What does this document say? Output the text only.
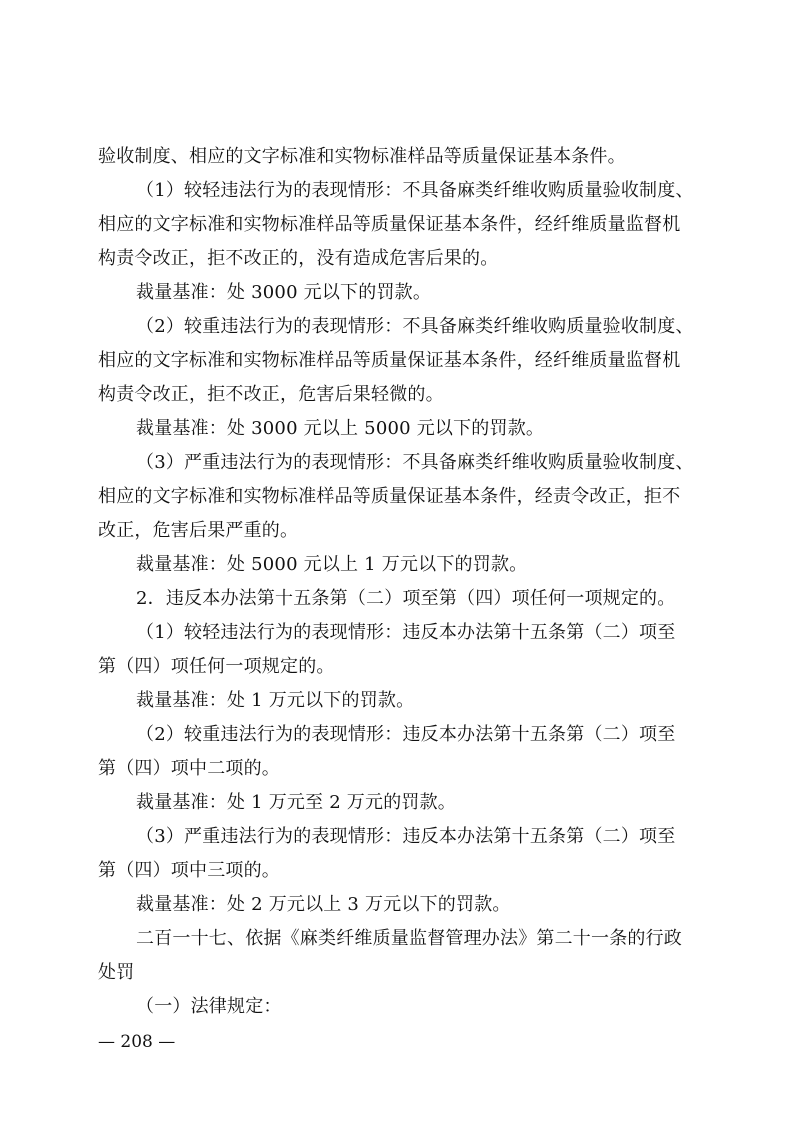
验收制度、相应的文字标准和实物标准样品等质量保证基本条件。
（1）较轻违法行为的表现情形：不具备麻类纤维收购质量验收制度、
相应的文字标准和实物标准样品等质量保证基本条件，经纤维质量监督机
构责令改正，拒不改正的，没有造成危害后果的。
裁量基准：处 3000 元以下的罚款。
（2）较重违法行为的表现情形：不具备麻类纤维收购质量验收制度、
相应的文字标准和实物标准样品等质量保证基本条件，经纤维质量监督机
构责令改正，拒不改正，危害后果轻微的。
裁量基准：处 3000 元以上 5000 元以下的罚款。
（3）严重违法行为的表现情形：不具备麻类纤维收购质量验收制度、
相应的文字标准和实物标准样品等质量保证基本条件，经责令改正，拒不
改正，危害后果严重的。
裁量基准：处 5000 元以上 1 万元以下的罚款。
2．违反本办法第十五条第（二）项至第（四）项任何一项规定的。
（1）较轻违法行为的表现情形：违反本办法第十五条第（二）项至
第（四）项任何一项规定的。
裁量基准：处 1 万元以下的罚款。
（2）较重违法行为的表现情形：违反本办法第十五条第（二）项至
第（四）项中二项的。
裁量基准：处 1 万元至 2 万元的罚款。
（3）严重违法行为的表现情形：违反本办法第十五条第（二）项至
第（四）项中三项的。
裁量基准：处 2 万元以上 3 万元以下的罚款。
二百一十七、依据《麻类纤维质量监督管理办法》第二十一条的行政
处罚
（一）法律规定：
— 208 —
